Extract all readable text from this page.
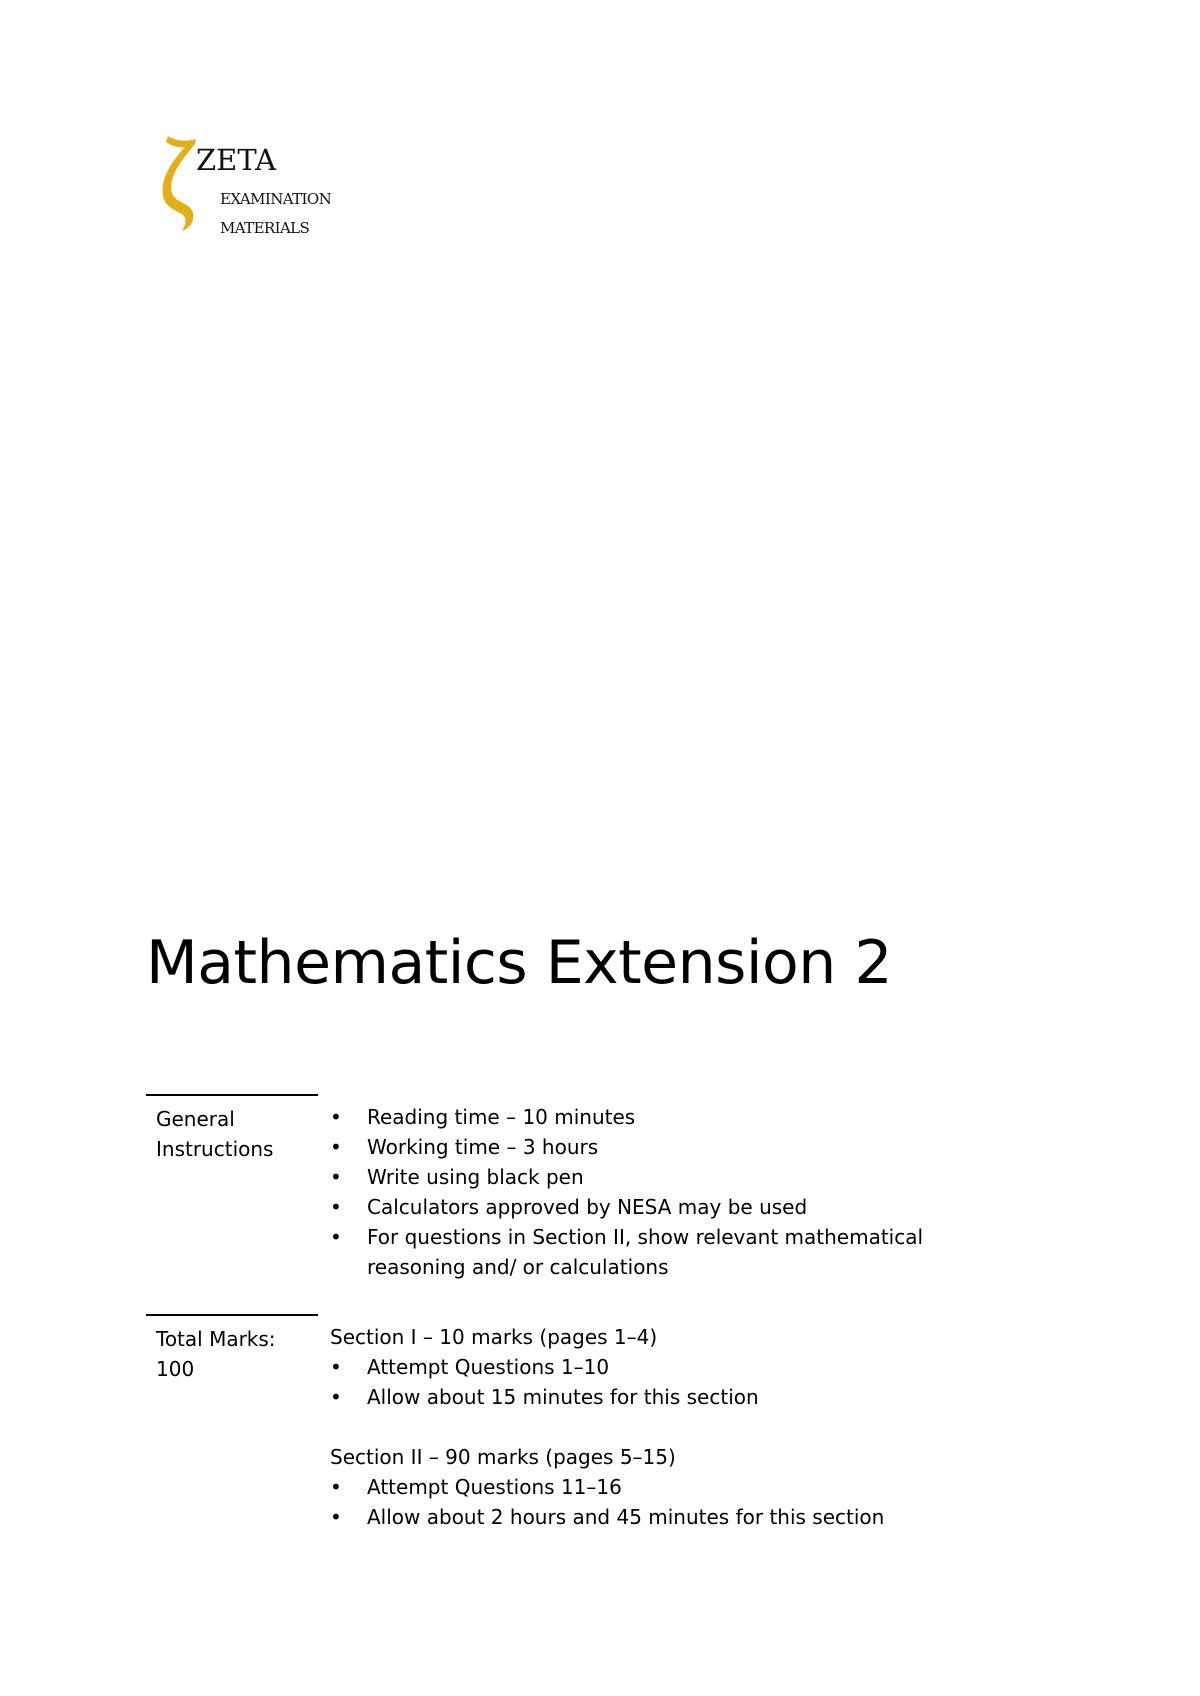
ZETA
EXAMINATION
MATERIALS
Mathematics Extension 2
General
Instructions
• Reading time – 10 minutes
• Working time – 3 hours
• Write using black pen
• Calculators approved by NESA may be used
• For questions in Section II, show relevant mathematical reasoning and/ or calculations
Total Marks:
100

Section I – 10 marks (pages 1–4)

• Attempt Questions 1–10
• Allow about 15 minutes for this section

Section II – 90 marks (pages 5–15)

• Attempt Questions 11–16
• Allow about 2 hours and 45 minutes for this section
